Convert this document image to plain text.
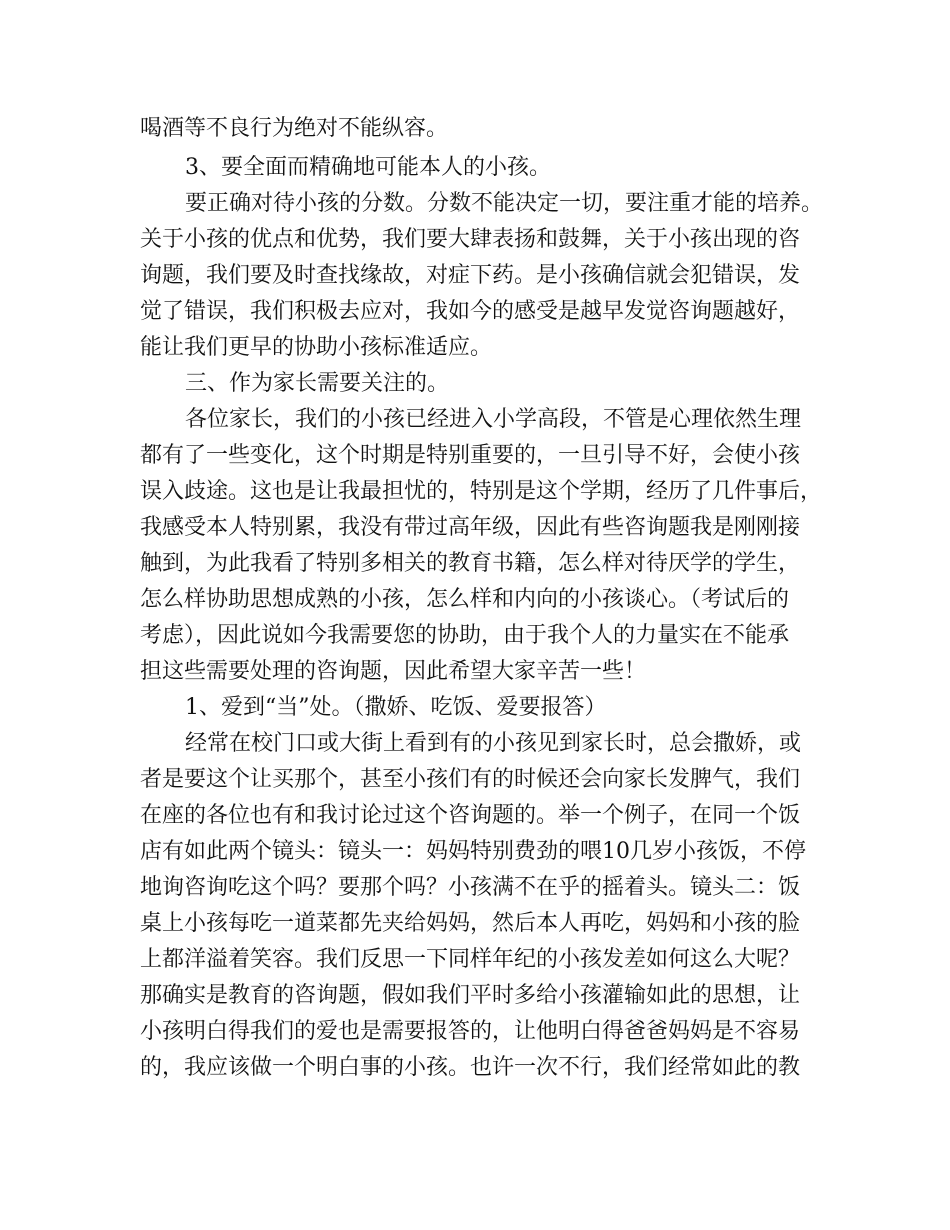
喝酒等不良行为绝对不能纵容。
3、要全面而精确地可能本人的小孩。
要正确对待小孩的分数。分数不能决定一切，要注重才能的培养。
关于小孩的优点和优势，我们要大肆表扬和鼓舞，关于小孩出现的咨
询题，我们要及时查找缘故，对症下药。是小孩确信就会犯错误，发
觉了错误，我们积极去应对，我如今的感受是越早发觉咨询题越好，
能让我们更早的协助小孩标准适应。
三、作为家长需要关注的。
各位家长，我们的小孩已经进入小学高段，不管是心理依然生理
都有了一些变化，这个时期是特别重要的，一旦引导不好，会使小孩
误入歧途。这也是让我最担忧的，特别是这个学期，经历了几件事后，
我感受本人特别累，我没有带过高年级，因此有些咨询题我是刚刚接
触到，为此我看了特别多相关的教育书籍，怎么样对待厌学的学生，
怎么样协助思想成熟的小孩，怎么样和内向的小孩谈心。（考试后的
考虑），因此说如今我需要您的协助，由于我个人的力量实在不能承
担这些需要处理的咨询题，因此希望大家辛苦一些！
1、爱到“当”处。（撒娇、吃饭、爱要报答）
经常在校门口或大街上看到有的小孩见到家长时，总会撒娇，或
者是要这个让买那个，甚至小孩们有的时候还会向家长发脾气，我们
在座的各位也有和我讨论过这个咨询题的。举一个例子，在同一个饭
店有如此两个镜头：镜头一：妈妈特别费劲的喂10几岁小孩饭，不停
地询咨询吃这个吗？要那个吗？小孩满不在乎的摇着头。镜头二：饭
桌上小孩每吃一道菜都先夹给妈妈，然后本人再吃，妈妈和小孩的脸
上都洋溢着笑容。我们反思一下同样年纪的小孩发差如何这么大呢？
那确实是教育的咨询题，假如我们平时多给小孩灌输如此的思想，让
小孩明白得我们的爱也是需要报答的，让他明白得爸爸妈妈是不容易
的，我应该做一个明白事的小孩。也许一次不行，我们经常如此的教
